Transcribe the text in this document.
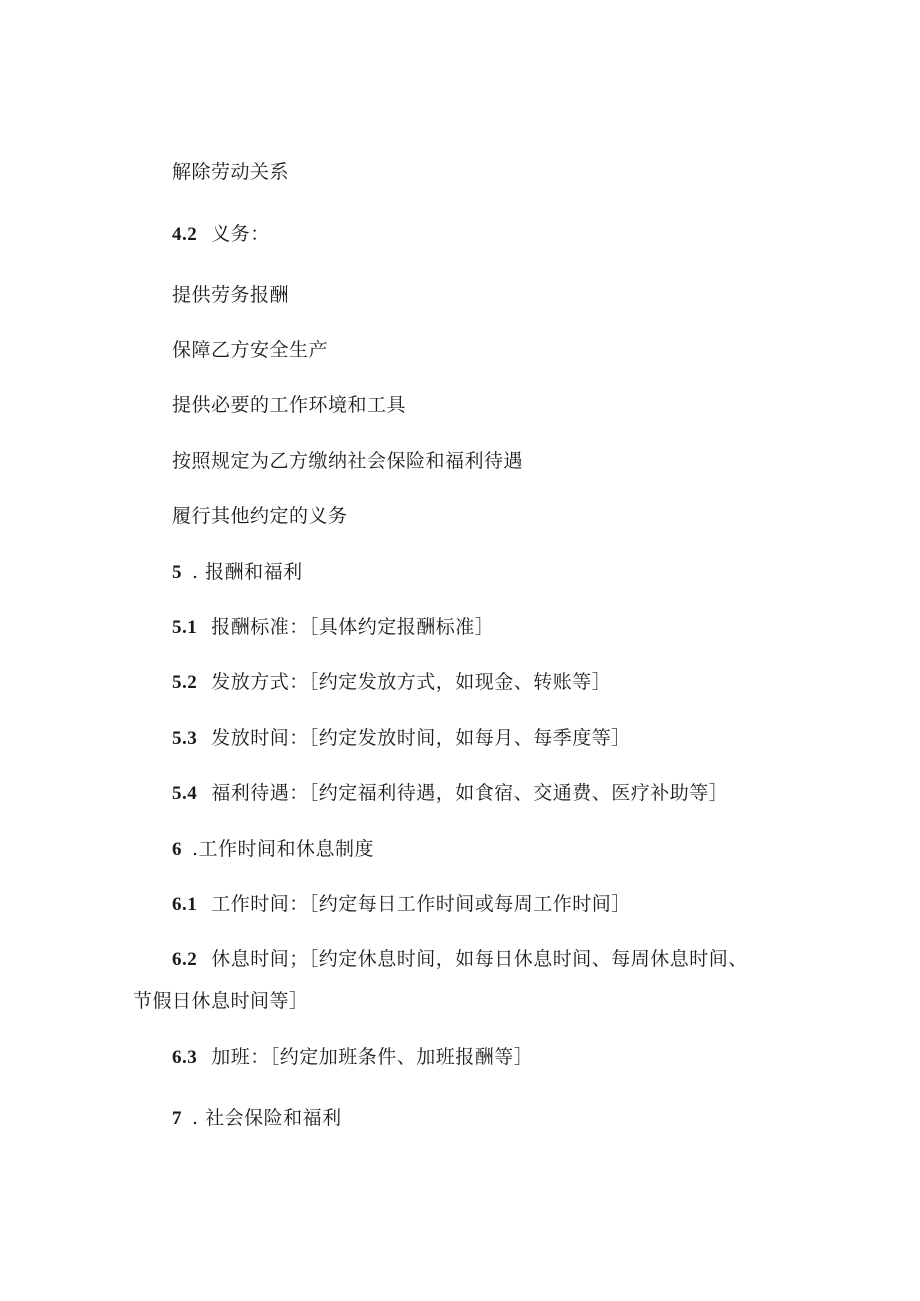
解除劳动关系
4.2 义务：
提供劳务报酬
保障乙方安全生产
提供必要的工作环境和工具
按照规定为乙方缴纳社会保险和福利待遇
履行其他约定的义务
5 . 报酬和福利
5.1 报酬标准：［具体约定报酬标准］
5.2 发放方式：［约定发放方式，如现金、转账等］
5.3 发放时间：［约定发放时间，如每月、每季度等］
5.4 福利待遇：［约定福利待遇，如食宿、交通费、医疗补助等］
6 .工作时间和休息制度
6.1 工作时间：［约定每日工作时间或每周工作时间］
6.2 休息时间；［约定休息时间，如每日休息时间、每周休息时间、
节假日休息时间等］
6.3 加班：［约定加班条件、加班报酬等］
7 . 社会保险和福利
